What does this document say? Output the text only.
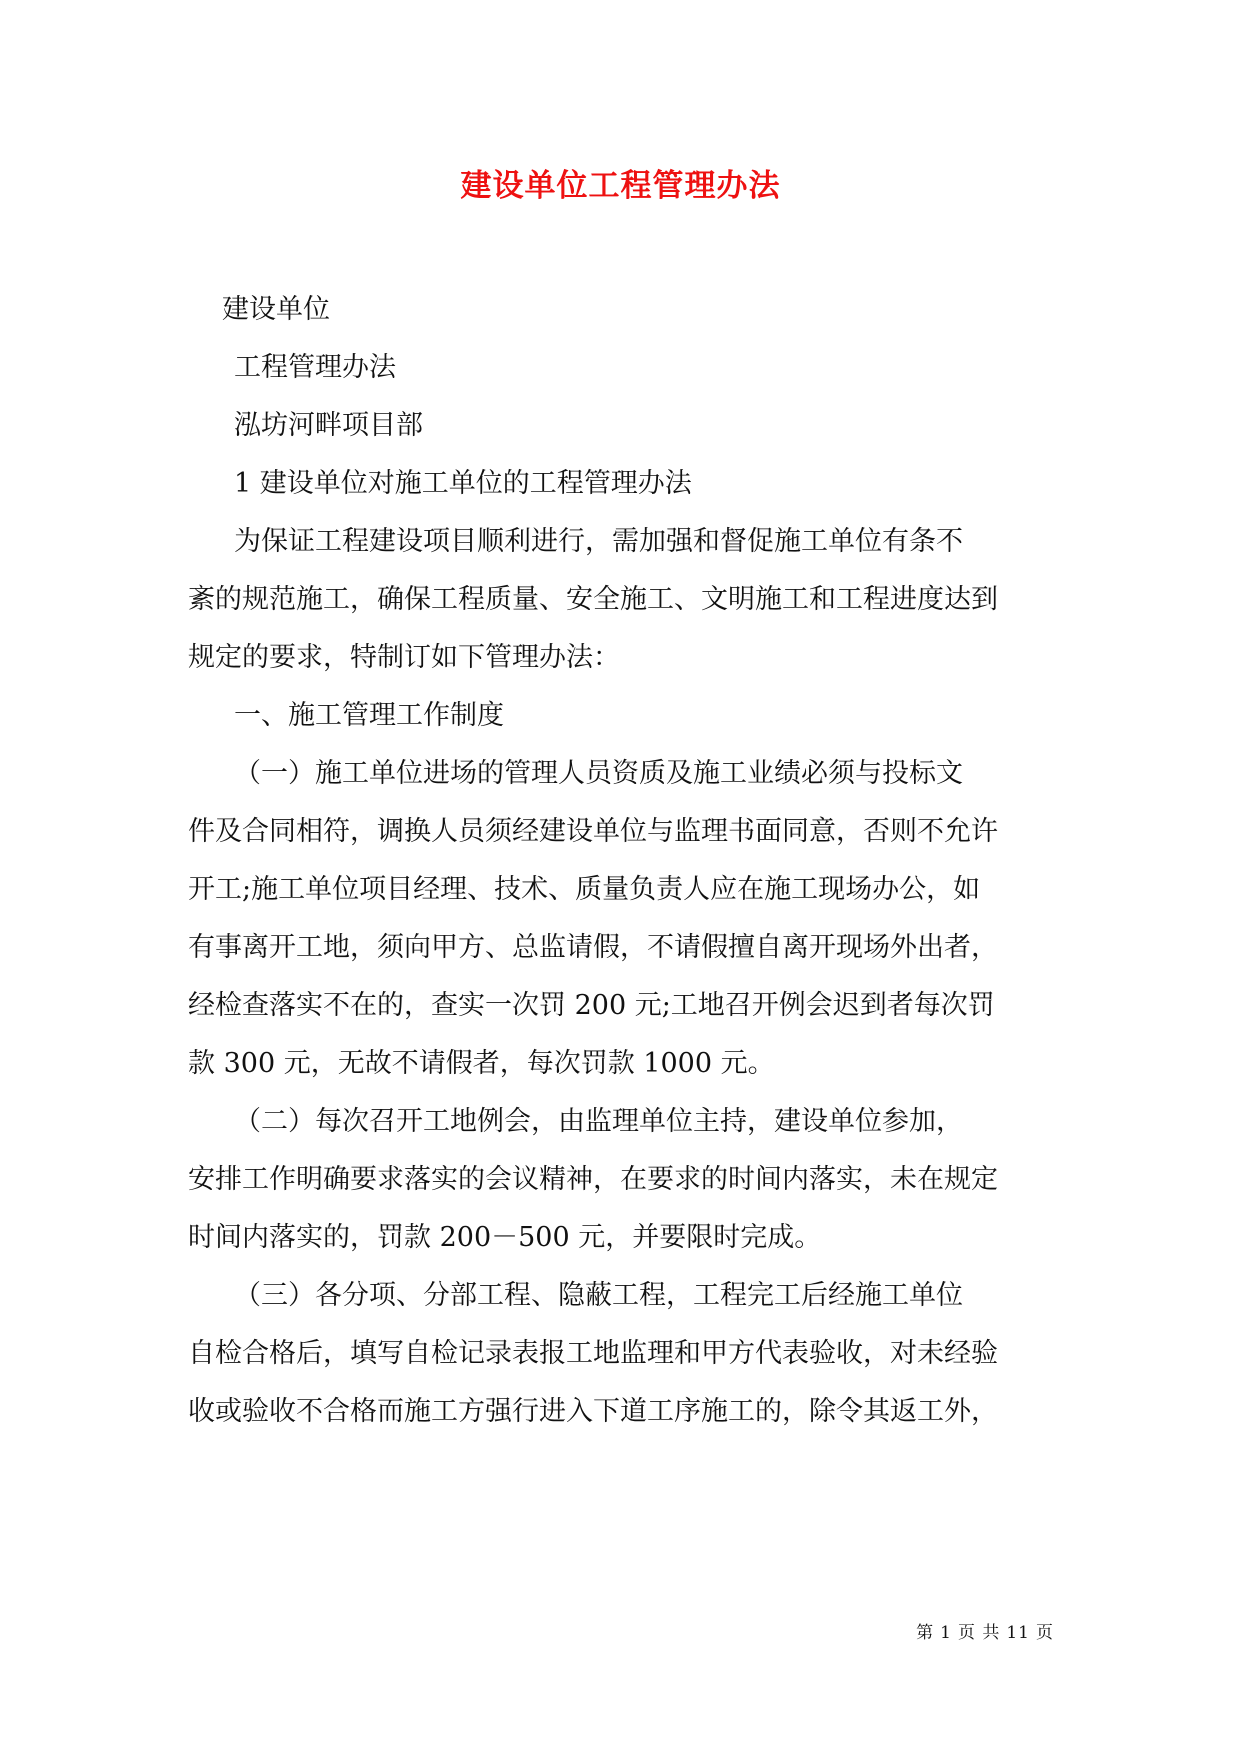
建设单位工程管理办法

建设单位

工程管理办法

泓坊河畔项目部

1 建设单位对施工单位的工程管理办法

为保证工程建设项目顺利进行，需加强和督促施工单位有条不

紊的规范施工，确保工程质量、安全施工、文明施工和工程进度达到

规定的要求，特制订如下管理办法：

一、施工管理工作制度

（一）施工单位进场的管理人员资质及施工业绩必须与投标文

件及合同相符，调换人员须经建设单位与监理书面同意，否则不允许

开工;施工单位项目经理、技术、质量负责人应在施工现场办公，如

有事离开工地，须向甲方、总监请假，不请假擅自离开现场外出者，

经检查落实不在的，查实一次罚 200 元;工地召开例会迟到者每次罚

款 300 元，无故不请假者，每次罚款 1000 元。

（二）每次召开工地例会，由监理单位主持，建设单位参加，

安排工作明确要求落实的会议精神，在要求的时间内落实，未在规定

时间内落实的，罚款 200－500 元，并要限时完成。

（三）各分项、分部工程、隐蔽工程，工程完工后经施工单位

自检合格后，填写自检记录表报工地监理和甲方代表验收，对未经验

收或验收不合格而施工方强行进入下道工序施工的，除令其返工外，

第 1 页 共 11 页
